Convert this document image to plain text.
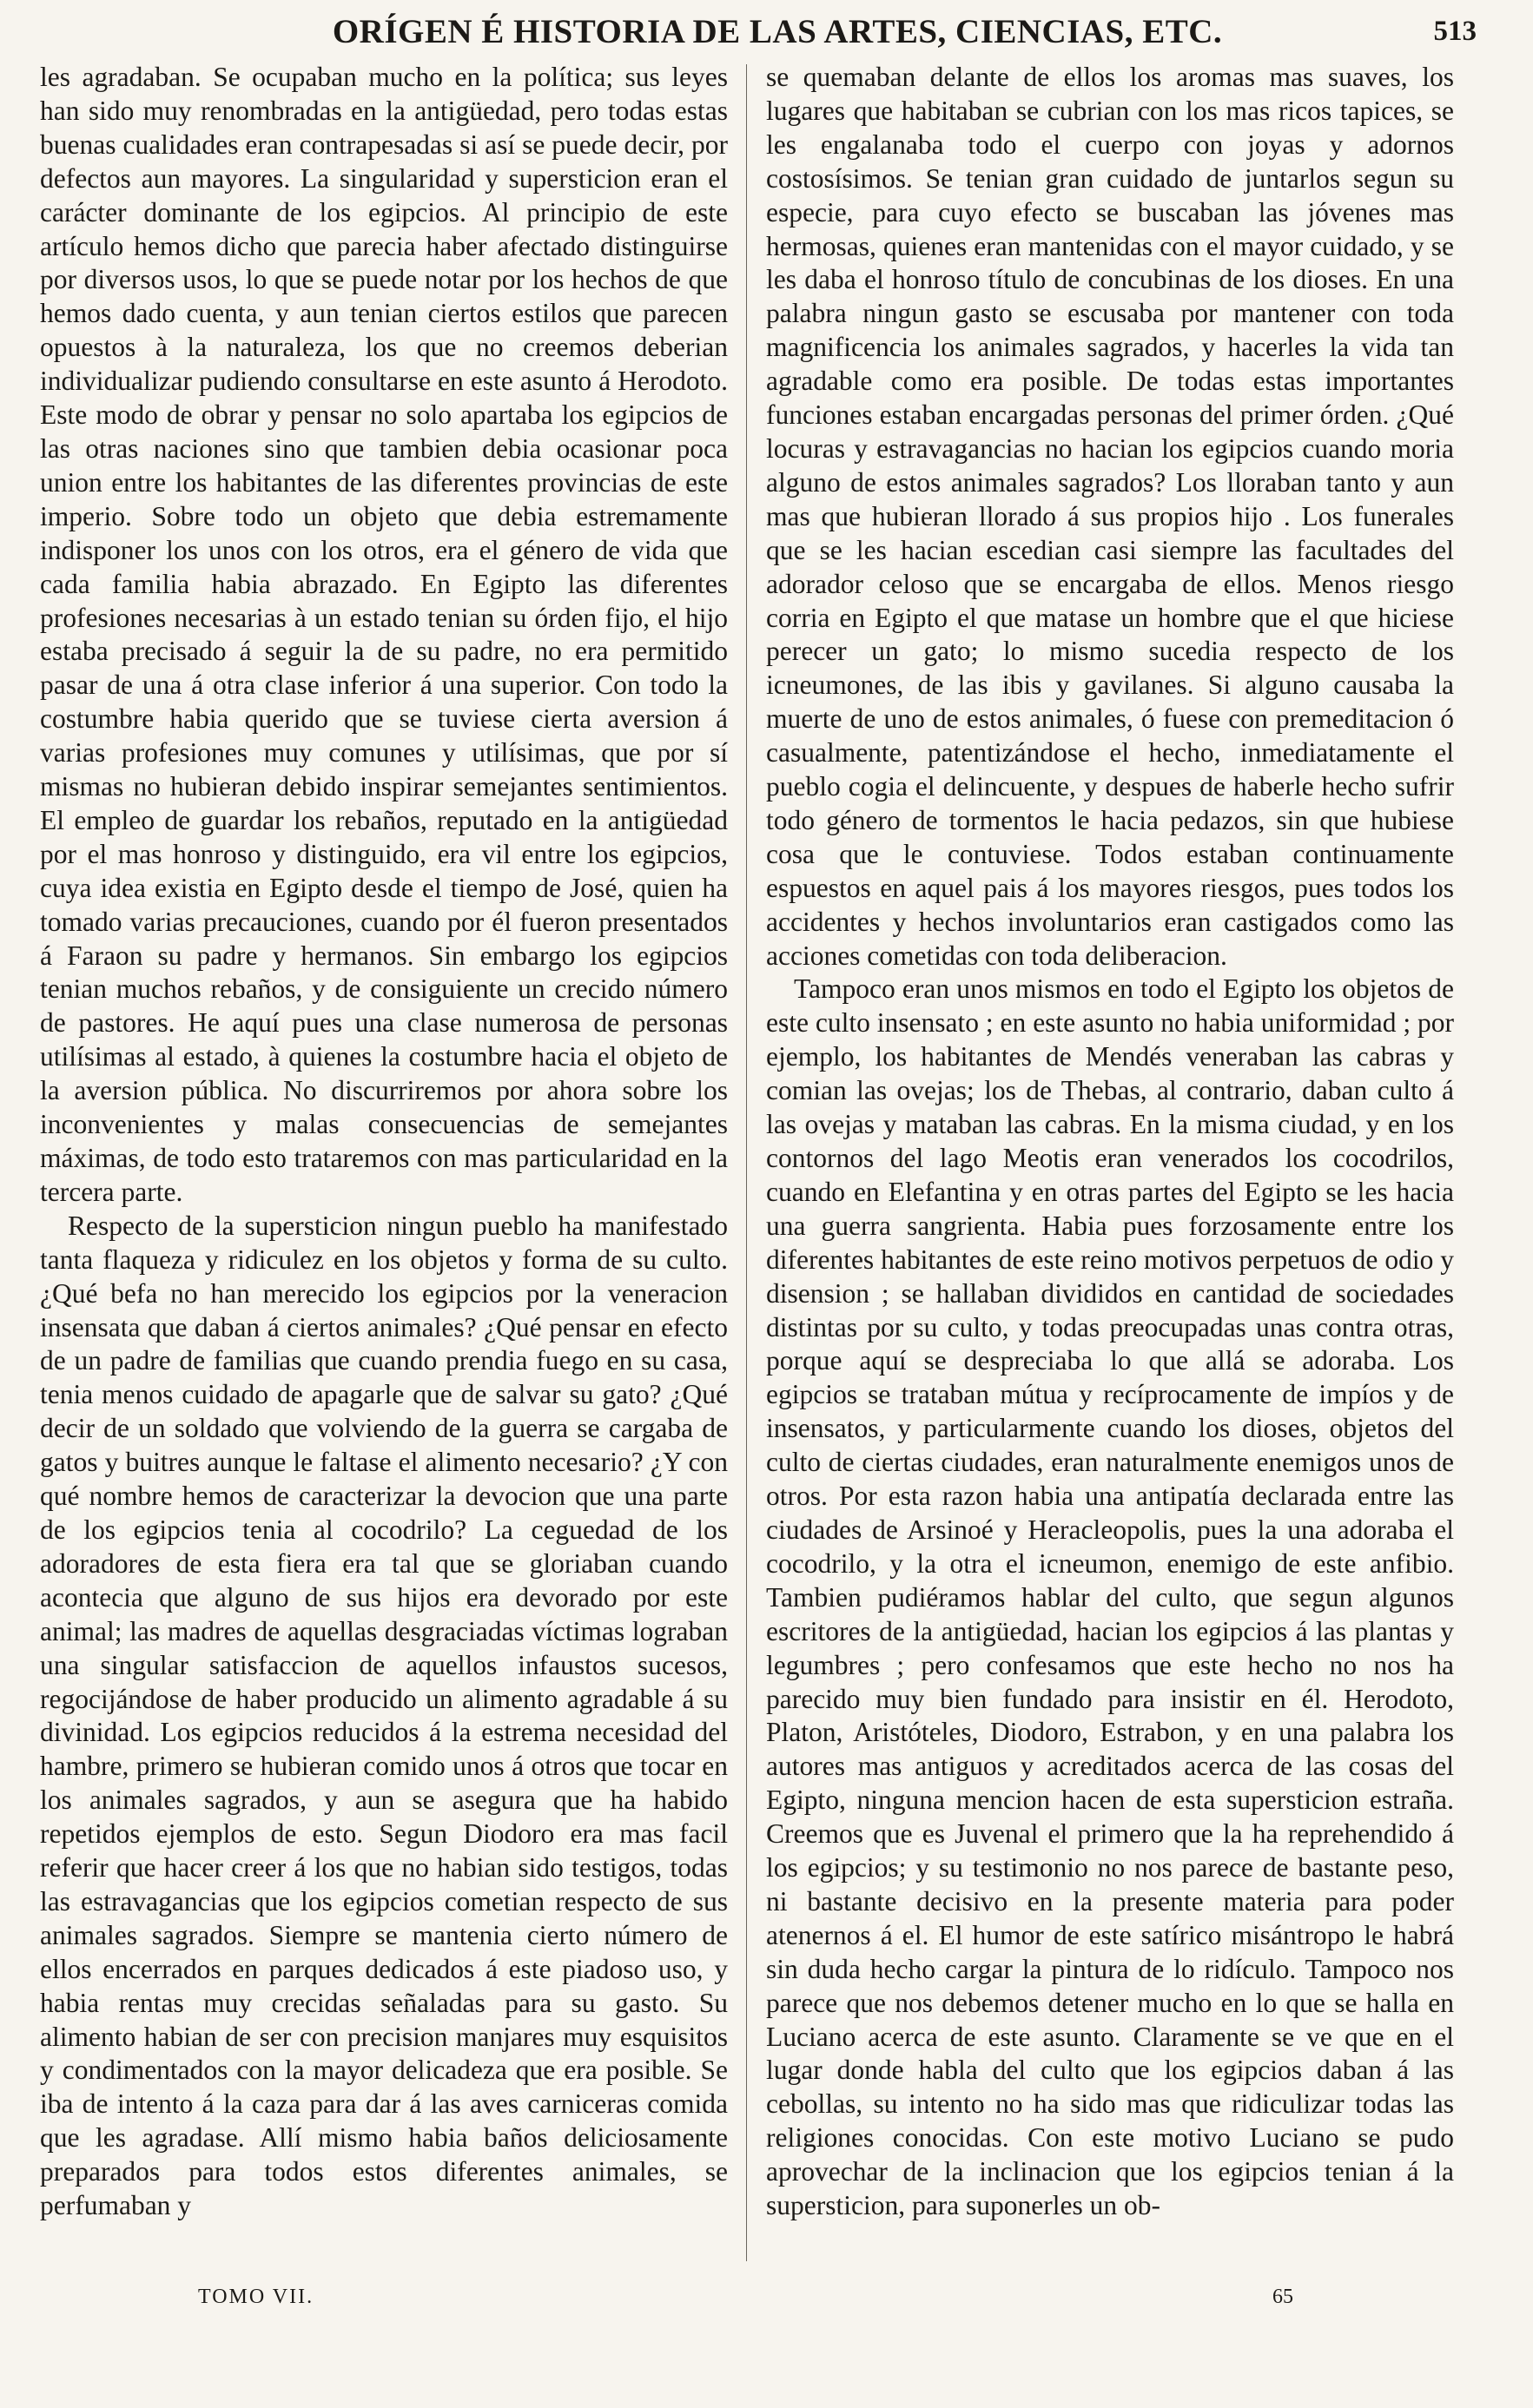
ORÍGEN É HISTORIA DE LAS ARTES, CIENCIAS, ETC.	513

les agradaban. Se ocupaban mucho en la política; sus leyes han sido muy renombradas en la antigüedad, pero todas estas buenas cualidades eran contrapesadas si así se puede decir, por defectos aun mayores. La singularidad y supersticion eran el carácter dominante de los egipcios. Al principio de este artículo hemos dicho que parecia haber afectado distinguirse por diversos usos, lo que se puede notar por los hechos de que hemos dado cuenta, y aun tenian ciertos estilos que parecen opuestos à la naturaleza, los que no creemos deberian individualizar pudiendo consultarse en este asunto á Herodoto. Este modo de obrar y pensar no solo apartaba los egipcios de las otras naciones sino que tambien debia ocasionar poca union entre los habitantes de las diferentes provincias de este imperio. Sobre todo un objeto que debia estremamente indisponer los unos con los otros, era el género de vida que cada familia habia abrazado. En Egipto las diferentes profesiones necesarias à un estado tenian su órden fijo, el hijo estaba precisado á seguir la de su padre, no era permitido pasar de una á otra clase inferior á una superior. Con todo la costumbre habia querido que se tuviese cierta aversion á varias profesiones muy comunes y utilísimas, que por sí mismas no hubieran debido inspirar semejantes sentimientos. El empleo de guardar los rebaños, reputado en la antigüedad por el mas honroso y distinguido, era vil entre los egipcios, cuya idea existia en Egipto desde el tiempo de José, quien ha tomado varias precauciones, cuando por él fueron presentados á Faraon su padre y hermanos. Sin embargo los egipcios tenian muchos rebaños, y de consiguiente un crecido número de pastores. He aquí pues una clase numerosa de personas utilísimas al estado, à quienes la costumbre hacia el objeto de la aversion pública. No discurriremos por ahora sobre los inconvenientes y malas consecuencias de semejantes máximas, de todo esto trataremos con mas particularidad en la tercera parte.

Respecto de la supersticion ningun pueblo ha manifestado tanta flaqueza y ridiculez en los objetos y forma de su culto. ¿Qué befa no han merecido los egipcios por la veneracion insensata que daban á ciertos animales? ¿Qué pensar en efecto de un padre de familias que cuando prendia fuego en su casa, tenia menos cuidado de apagarle que de salvar su gato? ¿Qué decir de un soldado que volviendo de la guerra se cargaba de gatos y buitres aunque le faltase el alimento necesario? ¿Y con qué nombre hemos de caracterizar la devocion que una parte de los egipcios tenia al cocodrilo? La ceguedad de los adoradores de esta fiera era tal que se gloriaban cuando acontecia que alguno de sus hijos era devorado por este animal; las madres de aquellas desgraciadas víctimas lograban una singular satisfaccion de aquellos infaustos sucesos, regocijándose de haber producido un alimento agradable á su divinidad. Los egipcios reducidos á la estrema necesidad del hambre, primero se hubieran comido unos á otros que tocar en los animales sagrados, y aun se asegura que ha habido repetidos ejemplos de esto. Segun Diodoro era mas facil referir que hacer creer á los que no habian sido testigos, todas las estravagancias que los egipcios cometian respecto de sus animales sagrados. Siempre se mantenia cierto número de ellos encerrados en parques dedicados á este piadoso uso, y habia rentas muy crecidas señaladas para su gasto. Su alimento habian de ser con precision manjares muy esquisitos y condimentados con la mayor delicadeza que era posible. Se iba de intento á la caza para dar á las aves carniceras comida que les agradase. Allí mismo habia baños deliciosamente preparados para todos estos diferentes animales, se perfumaban y

se quemaban delante de ellos los aromas mas suaves, los lugares que habitaban se cubrian con los mas ricos tapices, se les engalanaba todo el cuerpo con joyas y adornos costosísimos. Se tenian gran cuidado de juntarlos segun su especie, para cuyo efecto se buscaban las jóvenes mas hermosas, quienes eran mantenidas con el mayor cuidado, y se les daba el honroso título de concubinas de los dioses. En una palabra ningun gasto se escusaba por mantener con toda magnificencia los animales sagrados, y hacerles la vida tan agradable como era posible. De todas estas importantes funciones estaban encargadas personas del primer órden. ¿Qué locuras y estravagancias no hacian los egipcios cuando moria alguno de estos animales sagrados? Los lloraban tanto y aun mas que hubieran llorado á sus propios hijo . Los funerales que se les hacian escedian casi siempre las facultades del adorador celoso que se encargaba de ellos. Menos riesgo corria en Egipto el que matase un hombre que el que hiciese perecer un gato; lo mismo sucedia respecto de los icneumones, de las ibis y gavilanes. Si alguno causaba la muerte de uno de estos animales, ó fuese con premeditacion ó casualmente, patentizándose el hecho, inmediatamente el pueblo cogia el delincuente, y despues de haberle hecho sufrir todo género de tormentos le hacia pedazos, sin que hubiese cosa que le contuviese. Todos estaban continuamente espuestos en aquel pais á los mayores riesgos, pues todos los accidentes y hechos involuntarios eran castigados como las acciones cometidas con toda deliberacion.

Tampoco eran unos mismos en todo el Egipto los objetos de este culto insensato ; en este asunto no habia uniformidad ; por ejemplo, los habitantes de Mendés veneraban las cabras y comian las ovejas; los de Thebas, al contrario, daban culto á las ovejas y mataban las cabras. En la misma ciudad, y en los contornos del lago Meotis eran venerados los cocodrilos, cuando en Elefantina y en otras partes del Egipto se les hacia una guerra sangrienta. Habia pues forzosamente entre los diferentes habitantes de este reino motivos perpetuos de odio y disension ; se hallaban divididos en cantidad de sociedades distintas por su culto, y todas preocupadas unas contra otras, porque aquí se despreciaba lo que allá se adoraba. Los egipcios se trataban mútua y recíprocamente de impíos y de insensatos, y particularmente cuando los dioses, objetos del culto de ciertas ciudades, eran naturalmente enemigos unos de otros. Por esta razon habia una antipatía declarada entre las ciudades de Arsinoé y Heracleopolis, pues la una adoraba el cocodrilo, y la otra el icneumon, enemigo de este anfibio. Tambien pudiéramos hablar del culto, que segun algunos escritores de la antigüedad, hacian los egipcios á las plantas y legumbres ; pero confesamos que este hecho no nos ha parecido muy bien fundado para insistir en él. Herodoto, Platon, Aristóteles, Diodoro, Estrabon, y en una palabra los autores mas antiguos y acreditados acerca de las cosas del Egipto, ninguna mencion hacen de esta supersticion estraña. Creemos que es Juvenal el primero que la ha reprehendido á los egipcios; y su testimonio no nos parece de bastante peso, ni bastante decisivo en la presente materia para poder atenernos á el. El humor de este satírico misántropo le habrá sin duda hecho cargar la pintura de lo ridículo. Tampoco nos parece que nos debemos detener mucho en lo que se halla en Luciano acerca de este asunto. Claramente se ve que en el lugar donde habla del culto que los egipcios daban á las cebollas, su intento no ha sido mas que ridiculizar todas las religiones conocidas. Con este motivo Luciano se pudo aprovechar de la inclinacion que los egipcios tenian á la supersticion, para suponerles un ob-

TOMO VII.	65
